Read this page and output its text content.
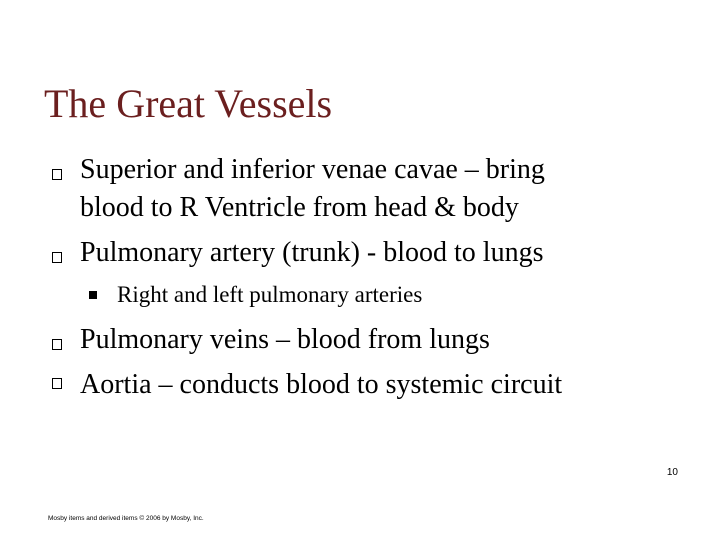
The Great Vessels
Superior and inferior venae cavae – bring
blood to R Ventricle from head & body
Pulmonary artery (trunk) - blood to lungs
Right and left pulmonary arteries
Pulmonary veins – blood from lungs
Aortia – conducts blood to systemic circuit
10
Mosby items and derived items © 2006 by Mosby, Inc.
